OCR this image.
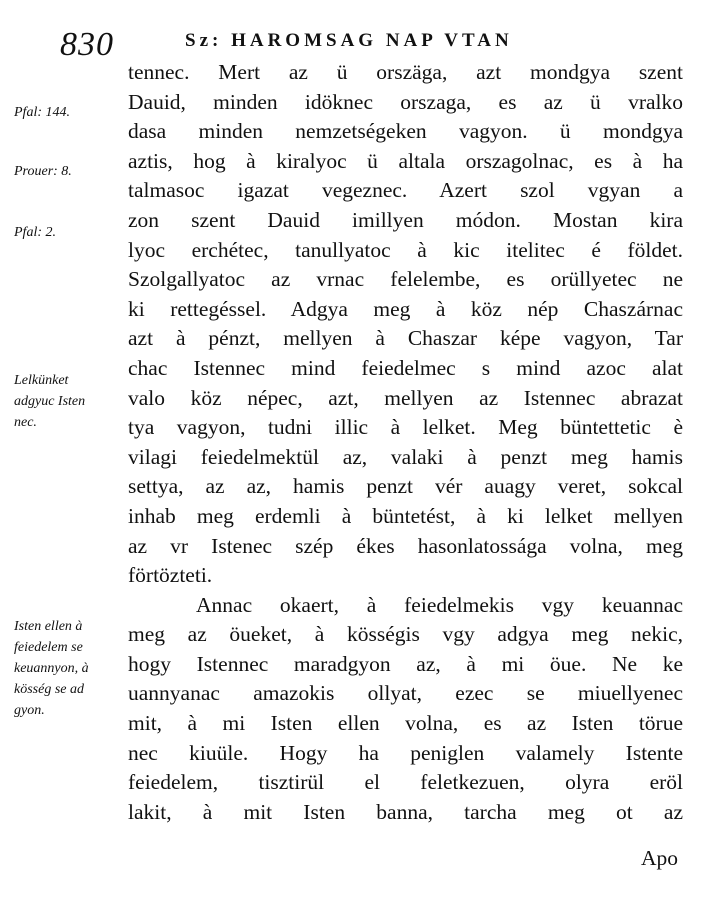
830	Sz: HAROMSAG NAP VTAN
Pfal: 144.
Prouer: 8.
Pfal: 2.
Lelkünket
adgyuc Isten
nec.
Isten ellen à
feiedelem se
keuannyon, à
kösség se ad
gyon.
tennec. Mert az ü orszäga, azt mondgya szent
Dauid, minden idöknec orszaga, es az ü vralko
dasa minden nemzetségeken vagyon. ü mondgya
aztis, hog à kiralyoc ü altala orszagolnac, es à ha
talmasoc igazat vegeznec. Azert szol vgyan a
zon szent Dauid imillyen módon. Mostan kira
lyoc erchétec, tanullyatoc à kic itelitec é földet.
Szolgallyatoc az vrnac felelembe, es orüllyetec ne
ki rettegéssel. Adgya meg à köz nép Chaszárnac
azt à pénzt, mellyen à Chaszar képe vagyon, Tar
chac Istennec mind feiedelmec s mind azoc alat
valo köz népec, azt, mellyen az Istennec abrazat
tya vagyon, tudni illic à lelket. Meg büntettetic è
vilagi feiedelmektül az, valaki à penzt meg hamis
settya, az az, hamis penzt vér auagy veret, sokcal
inhab meg erdemli à büntetést, à ki lelket mellyen
az vr Istenec szép ékes hasonlatossága volna, meg
förtözteti.
Annac okaert, à feiedelmekis vgy keuannac
meg az öueket, à kösségis vgy adgya meg nekic,
hogy Istennec maradgyon az, à mi öue. Ne ke
uannyanac amazokis ollyat, ezec se miuellyenec
mit, à mi Isten ellen volna, es az Isten törue
nec kiuüle. Hogy ha peniglen valamely Istente
feiedelem, tisztirül el feletkezuen, olyra eröl
lakit, à mit Isten banna, tarcha meg ot az
Apo
